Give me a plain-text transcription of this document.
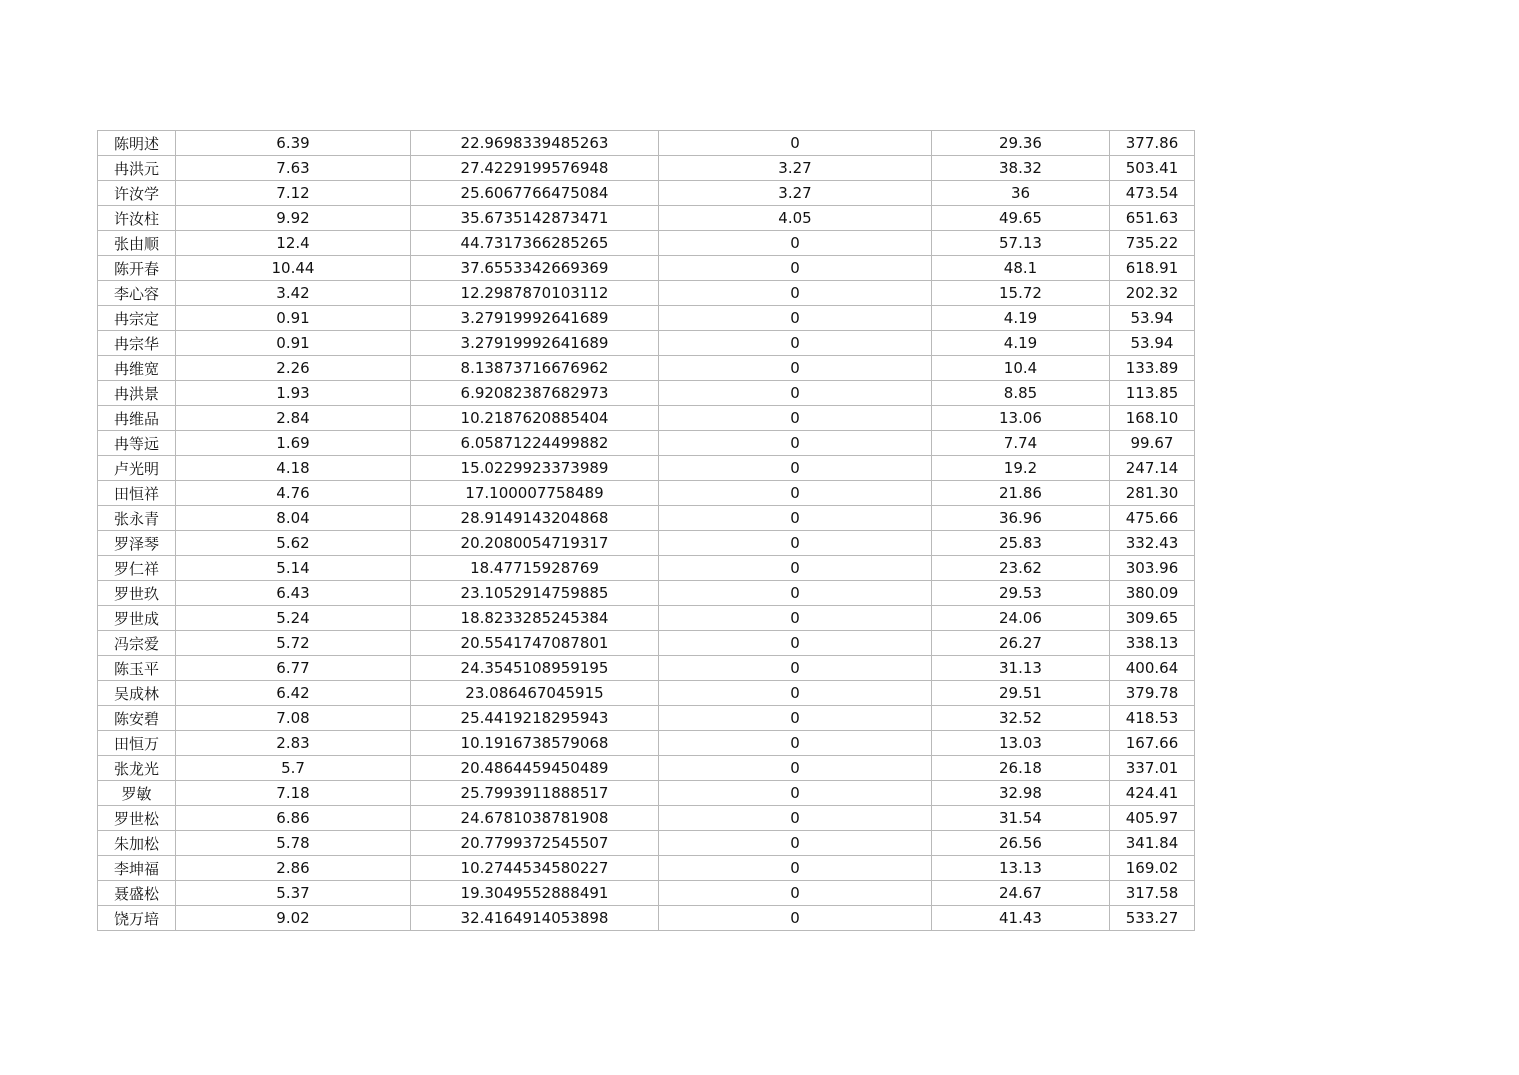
陈明述	6.39	22.9698339485263	0	29.36	377.86
冉洪元	7.63	27.4229199576948	3.27	38.32	503.41
许汝学	7.12	25.6067766475084	3.27	36	473.54
许汝柱	9.92	35.6735142873471	4.05	49.65	651.63
张由顺	12.4	44.7317366285265	0	57.13	735.22
陈开春	10.44	37.6553342669369	0	48.1	618.91
李心容	3.42	12.2987870103112	0	15.72	202.32
冉宗定	0.91	3.27919992641689	0	4.19	53.94
冉宗华	0.91	3.27919992641689	0	4.19	53.94
冉维宽	2.26	8.13873716676962	0	10.4	133.89
冉洪景	1.93	6.92082387682973	0	8.85	113.85
冉维品	2.84	10.2187620885404	0	13.06	168.10
冉等远	1.69	6.05871224499882	0	7.74	99.67
卢光明	4.18	15.0229923373989	0	19.2	247.14
田恒祥	4.76	17.100007758489	0	21.86	281.30
张永青	8.04	28.9149143204868	0	36.96	475.66
罗泽琴	5.62	20.2080054719317	0	25.83	332.43
罗仁祥	5.14	18.47715928769	0	23.62	303.96
罗世玖	6.43	23.1052914759885	0	29.53	380.09
罗世成	5.24	18.8233285245384	0	24.06	309.65
冯宗爱	5.72	20.5541747087801	0	26.27	338.13
陈玉平	6.77	24.3545108959195	0	31.13	400.64
吴成林	6.42	23.086467045915	0	29.51	379.78
陈安碧	7.08	25.4419218295943	0	32.52	418.53
田恒万	2.83	10.1916738579068	0	13.03	167.66
张龙光	5.7	20.4864459450489	0	26.18	337.01
罗敏	7.18	25.7993911888517	0	32.98	424.41
罗世松	6.86	24.6781038781908	0	31.54	405.97
朱加松	5.78	20.7799372545507	0	26.56	341.84
李坤福	2.86	10.2744534580227	0	13.13	169.02
聂盛松	5.37	19.3049552888491	0	24.67	317.58
饶万培	9.02	32.4164914053898	0	41.43	533.27
